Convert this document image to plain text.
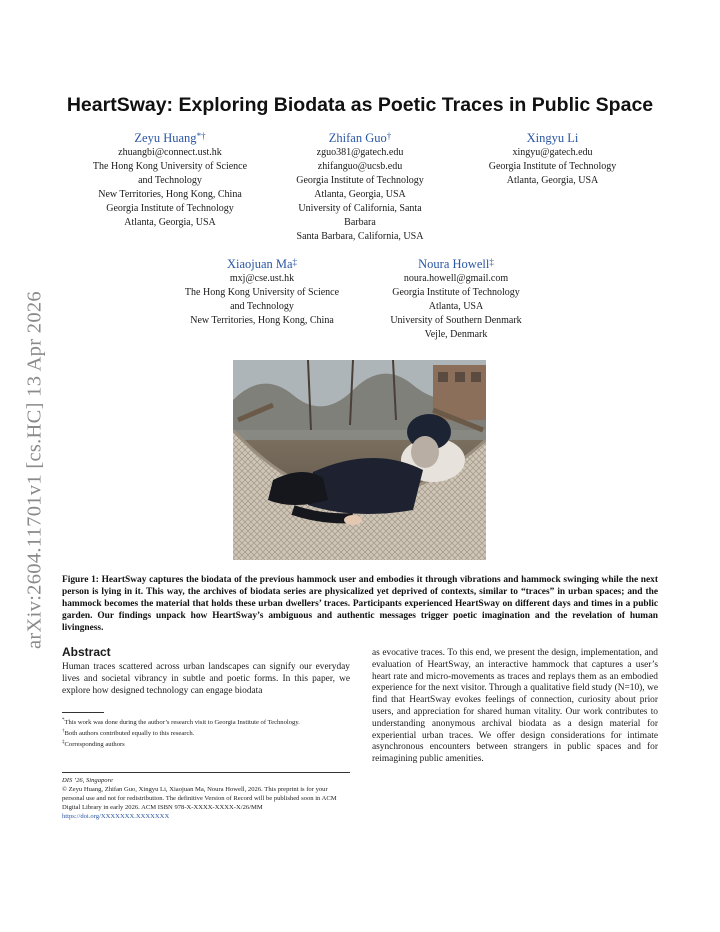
arXiv:2604.11701v1 [cs.HC] 13 Apr 2026
HeartSway: Exploring Biodata as Poetic Traces in Public Space
Zeyu Huang*†
zhuangbi@connect.ust.hk
The Hong Kong University of Science
and Technology
New Territories, Hong Kong, China
Georgia Institute of Technology
Atlanta, Georgia, USA
Zhifan Guo†
zguo381@gatech.edu
zhifanguo@ucsb.edu
Georgia Institute of Technology
Atlanta, Georgia, USA
University of California, Santa
Barbara
Santa Barbara, California, USA
Xingyu Li
xingyu@gatech.edu
Georgia Institute of Technology
Atlanta, Georgia, USA
Xiaojuan Ma‡
mxj@cse.ust.hk
The Hong Kong University of Science
and Technology
New Territories, Hong Kong, China
Noura Howell‡
noura.howell@gmail.com
Georgia Institute of Technology
Atlanta, USA
University of Southern Denmark
Vejle, Denmark
Figure 1: HeartSway captures the biodata of the previous hammock user and embodies it through vibrations and hammock swinging while the next person is lying in it. This way, the archives of biodata series are physicalized yet deprived of contexts, similar to “traces” in urban spaces; and the hammock becomes the material that holds these urban dwellers’ traces. Participants experienced HeartSway on different days and times in a public garden. Our findings unpack how HeartSway’s ambiguous and authentic messages trigger poetic imagination and the revelation of human livingness.
Abstract
Human traces scattered across urban landscapes can signify our everyday lives and societal vibrancy in subtle and poetic forms. In this paper, we explore how designed technology can engage biodata
as evocative traces. To this end, we present the design, implementation, and evaluation of HeartSway, an interactive hammock that captures a user’s heart rate and micro-movements as traces and replays them as an embodied experience for the next visitor. Through a qualitative field study (N=10), we find that HeartSway evokes feelings of connection, curiosity about prior users, and appreciation for shared human vitality. Our work contributes to understanding anonymous archival biodata as a design material for experiential urban traces. We offer design considerations for intimate asynchronous encounters between strangers in public spaces and for reimagining public amenities.
*This work was done during the author’s research visit to Georgia Institute of Technology.
†Both authors contributed equally to this research.
‡Corresponding authors
DIS ’26, Singapore
© Zeyu Huang, Zhifan Guo, Xingyu Li, Xiaojuan Ma, Noura Howell, 2026. This preprint is for your personal use and not for redistribution. The definitive Version of Record will be published soon in ACM Digital Library in early 2026. ACM ISBN 978-X-XXXX-XXXX-X/26/MM
https://doi.org/XXXXXXX.XXXXXXX
